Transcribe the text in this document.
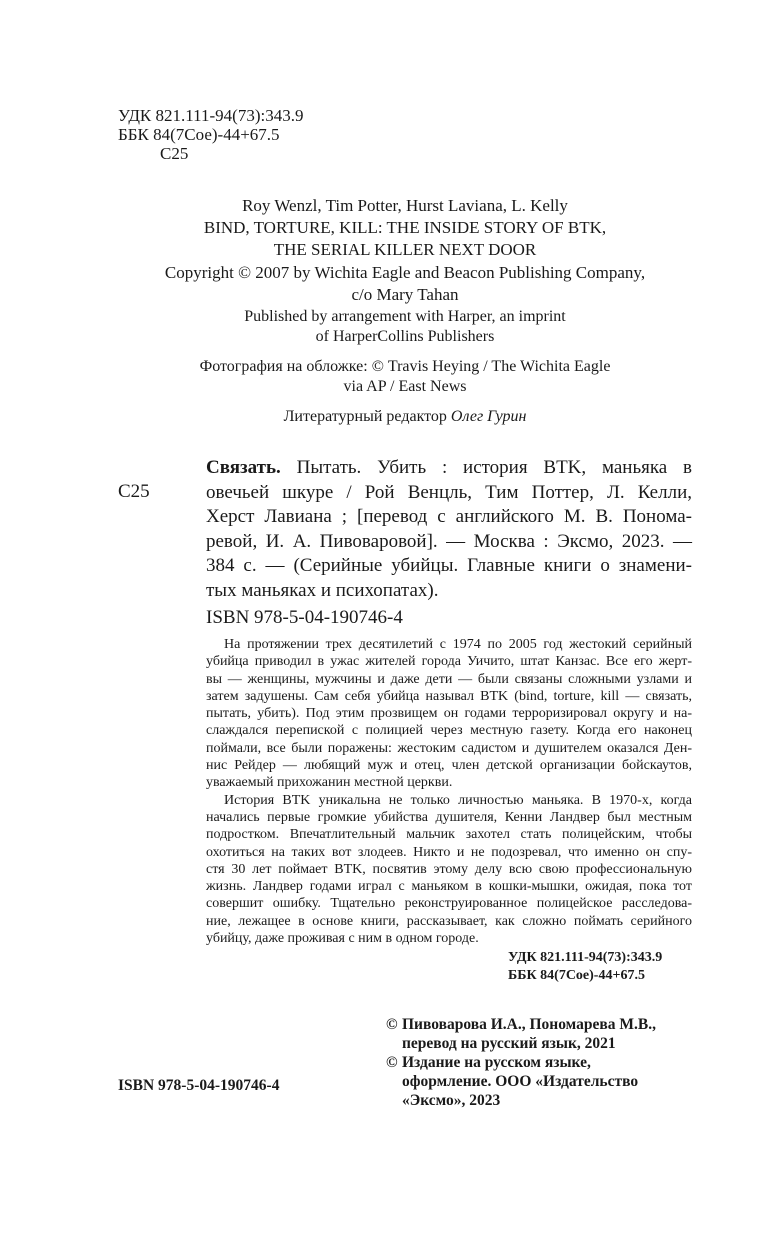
УДК 821.111-94(73):343.9
ББК 84(7Сое)-44+67.5
С25
Roy Wenzl, Tim Potter, Hurst Laviana, L. Kelly
BIND, TORTURE, KILL: THE INSIDE STORY OF BTK,
THE SERIAL KILLER NEXT DOOR
Copyright © 2007 by Wichita Eagle and Beacon Publishing Company,
c/o Mary Tahan
Published by arrangement with Harper, an imprint
of HarperCollins Publishers
Фотография на обложке: © Travis Heying / The Wichita Eagle
via AP / East News
Литературный редактор Олег Гурин
С25
Связать. Пытать. Убить : история BTK, маньяка в
овечьей шкуре / Рой Венцль, Тим Поттер, Л. Келли,
Херст Лавиана ; [перевод с английского М. В. Понома-
ревой, И. А. Пивоваровой]. — Москва : Эксмо, 2023. —
384 с. — (Серийные убийцы. Главные книги о знамени-
тых маньяках и психопатах).
ISBN 978-5-04-190746-4
На протяжении трех десятилетий с 1974 по 2005 год жестокий серийный
убийца приводил в ужас жителей города Уичито, штат Канзас. Все его жерт-
вы — женщины, мужчины и даже дети — были связаны сложными узлами и
затем задушены. Сам себя убийца называл BTK (bind, torture, kill — связать,
пытать, убить). Под этим прозвищем он годами терроризировал округу и на-
слаждался перепиской с полицией через местную газету. Когда его наконец
поймали, все были поражены: жестоким садистом и душителем оказался Ден-
нис Рейдер — любящий муж и отец, член детской организации бойскаутов,
уважаемый прихожанин местной церкви.
История BTK уникальна не только личностью маньяка. В 1970-х, когда
начались первые громкие убийства душителя, Кенни Ландвер был местным
подростком. Впечатлительный мальчик захотел стать полицейским, чтобы
охотиться на таких вот злодеев. Никто и не подозревал, что именно он спу-
стя 30 лет поймает BTK, посвятив этому делу всю свою профессиональную
жизнь. Ландвер годами играл с маньяком в кошки-мышки, ожидая, пока тот
совершит ошибку. Тщательно реконструированное полицейское расследова-
ние, лежащее в основе книги, рассказывает, как сложно поймать серийного
убийцу, даже проживая с ним в одном городе.
УДК 821.111-94(73):343.9
ББК 84(7Сое)-44+67.5
© Пивоварова И.А., Пономарева М.В.,
перевод на русский язык, 2021
© Издание на русском языке,
оформление. ООО «Издательство
«Эксмо», 2023
ISBN 978-5-04-190746-4
